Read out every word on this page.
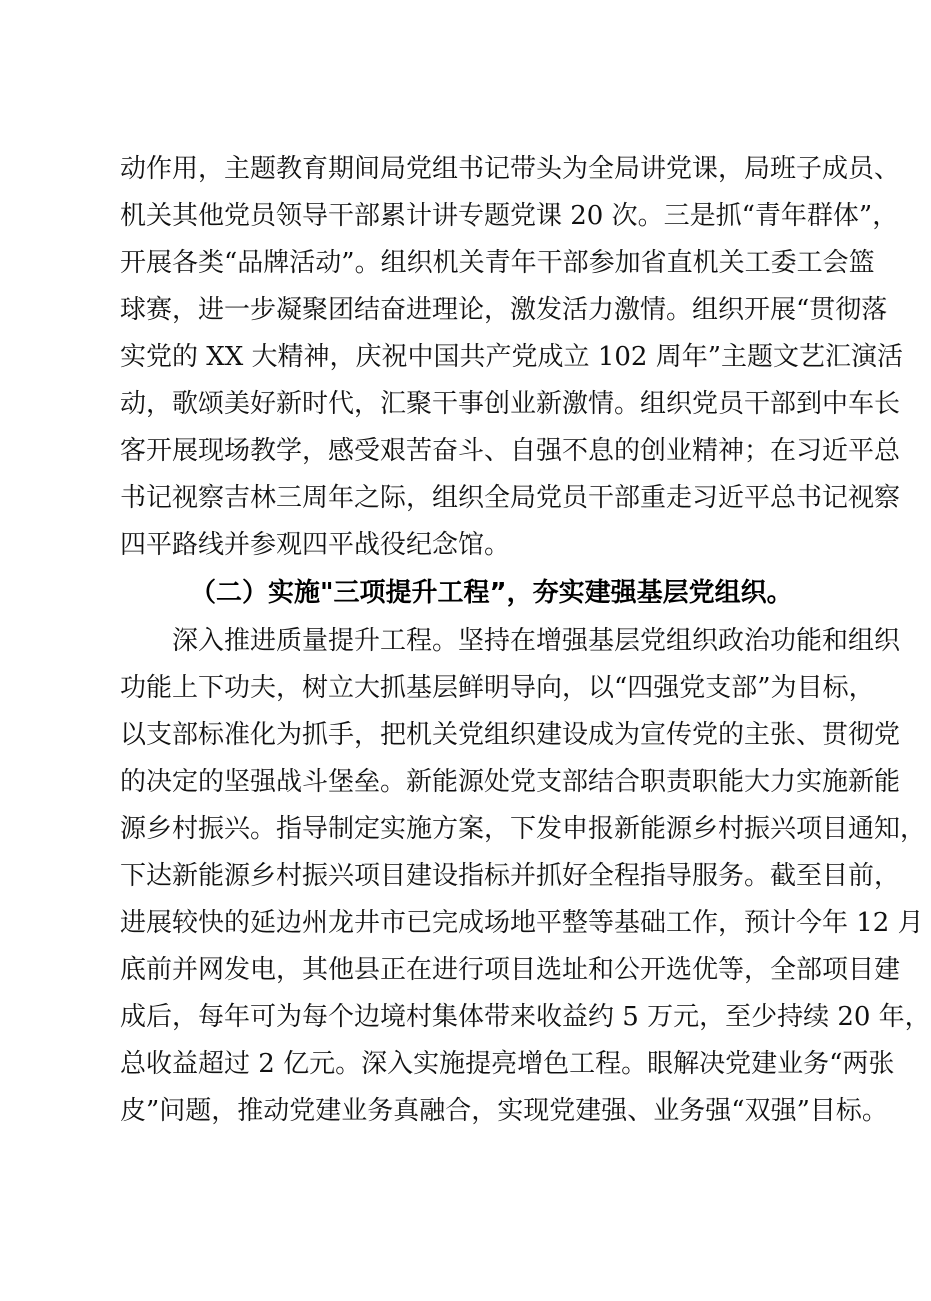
动作用，主题教育期间局党组书记带头为全局讲党课，局班子成员、
机关其他党员领导干部累计讲专题党课 20 次。三是抓“青年群体”，
开展各类“品牌活动”。组织机关青年干部参加省直机关工委工会篮
球赛，进一步凝聚团结奋进理论，激发活力激情。组织开展“贯彻落
实党的 XX 大精神，庆祝中国共产党成立 102 周年”主题文艺汇演活
动，歌颂美好新时代，汇聚干事创业新激情。组织党员干部到中车长
客开展现场教学，感受艰苦奋斗、自强不息的创业精神；在习近平总
书记视察吉林三周年之际，组织全局党员干部重走习近平总书记视察
四平路线并参观四平战役纪念馆。
（二）实施"三项提升工程”，夯实建强基层党组织。
深入推进质量提升工程。坚持在增强基层党组织政治功能和组织
功能上下功夫，树立大抓基层鲜明导向，以“四强党支部”为目标，
以支部标准化为抓手，把机关党组织建设成为宣传党的主张、贯彻党
的决定的坚强战斗堡垒。新能源处党支部结合职责职能大力实施新能
源乡村振兴。指导制定实施方案，下发申报新能源乡村振兴项目通知，
下达新能源乡村振兴项目建设指标并抓好全程指导服务。截至目前，
进展较快的延边州龙井市已完成场地平整等基础工作，预计今年 12 月
底前并网发电，其他县正在进行项目选址和公开选优等，全部项目建
成后，每年可为每个边境村集体带来收益约 5 万元，至少持续 20 年，
总收益超过 2 亿元。深入实施提亮增色工程。眼解决党建业务“两张
皮”问题，推动党建业务真融合，实现党建强、业务强“双强”目标。
